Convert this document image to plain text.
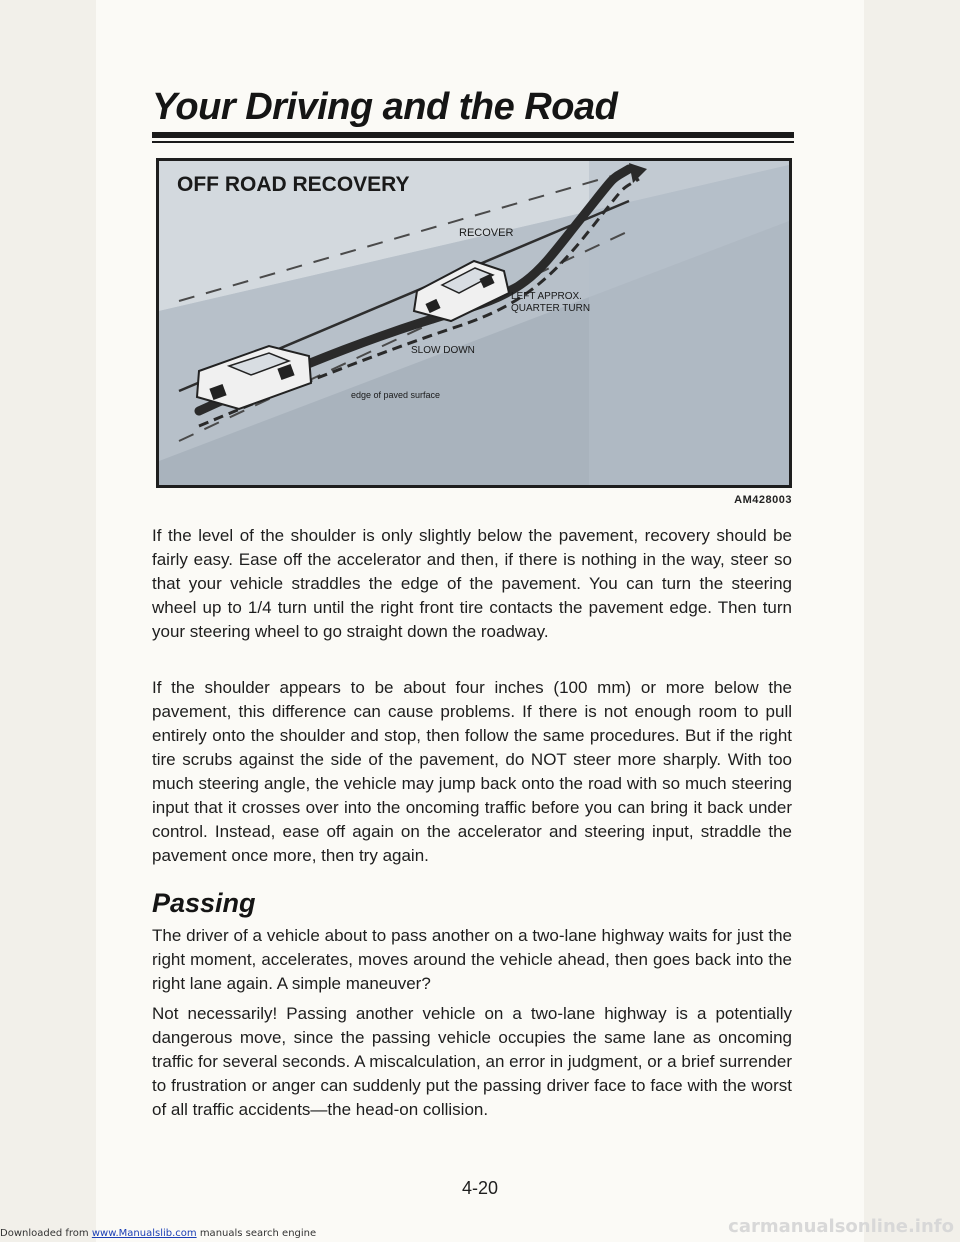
Your Driving and the Road
OFF ROAD RECOVERY
RECOVER
LEFT APPROX.
QUARTER TURN
SLOW DOWN
edge of paved surface
AM428003

If the level of the shoulder is only slightly below the pavement, recovery should be fairly easy. Ease off the accelerator and then, if there is nothing in the way, steer so that your vehicle straddles the edge of the pavement. You can turn the steering wheel up to 1/4 turn until the right front tire contacts the pavement edge. Then turn your steering wheel to go straight down the roadway.

If the shoulder appears to be about four inches (100 mm) or more below the pavement, this difference can cause problems. If there is not enough room to pull entirely onto the shoulder and stop, then follow the same procedures. But if the right tire scrubs against the side of the pavement, do NOT steer more sharply. With too much steering angle, the vehicle may jump back onto the road with so much steering input that it crosses over into the oncoming traffic before you can bring it back under control. Instead, ease off again on the accelerator and steering input, straddle the pavement once more, then try again.

Passing

The driver of a vehicle about to pass another on a two-lane highway waits for just the right moment, accelerates, moves around the vehicle ahead, then goes back into the right lane again. A simple maneuver?

Not necessarily! Passing another vehicle on a two-lane highway is a potentially dangerous move, since the passing vehicle occupies the same lane as oncoming traffic for several seconds. A miscalculation, an error in judgment, or a brief surrender to frustration or anger can suddenly put the passing driver face to face with the worst of all traffic accidents—the head-on collision.

4-20
Downloaded from www.Manualslib.com manuals search engine	carmanualsonline.info
